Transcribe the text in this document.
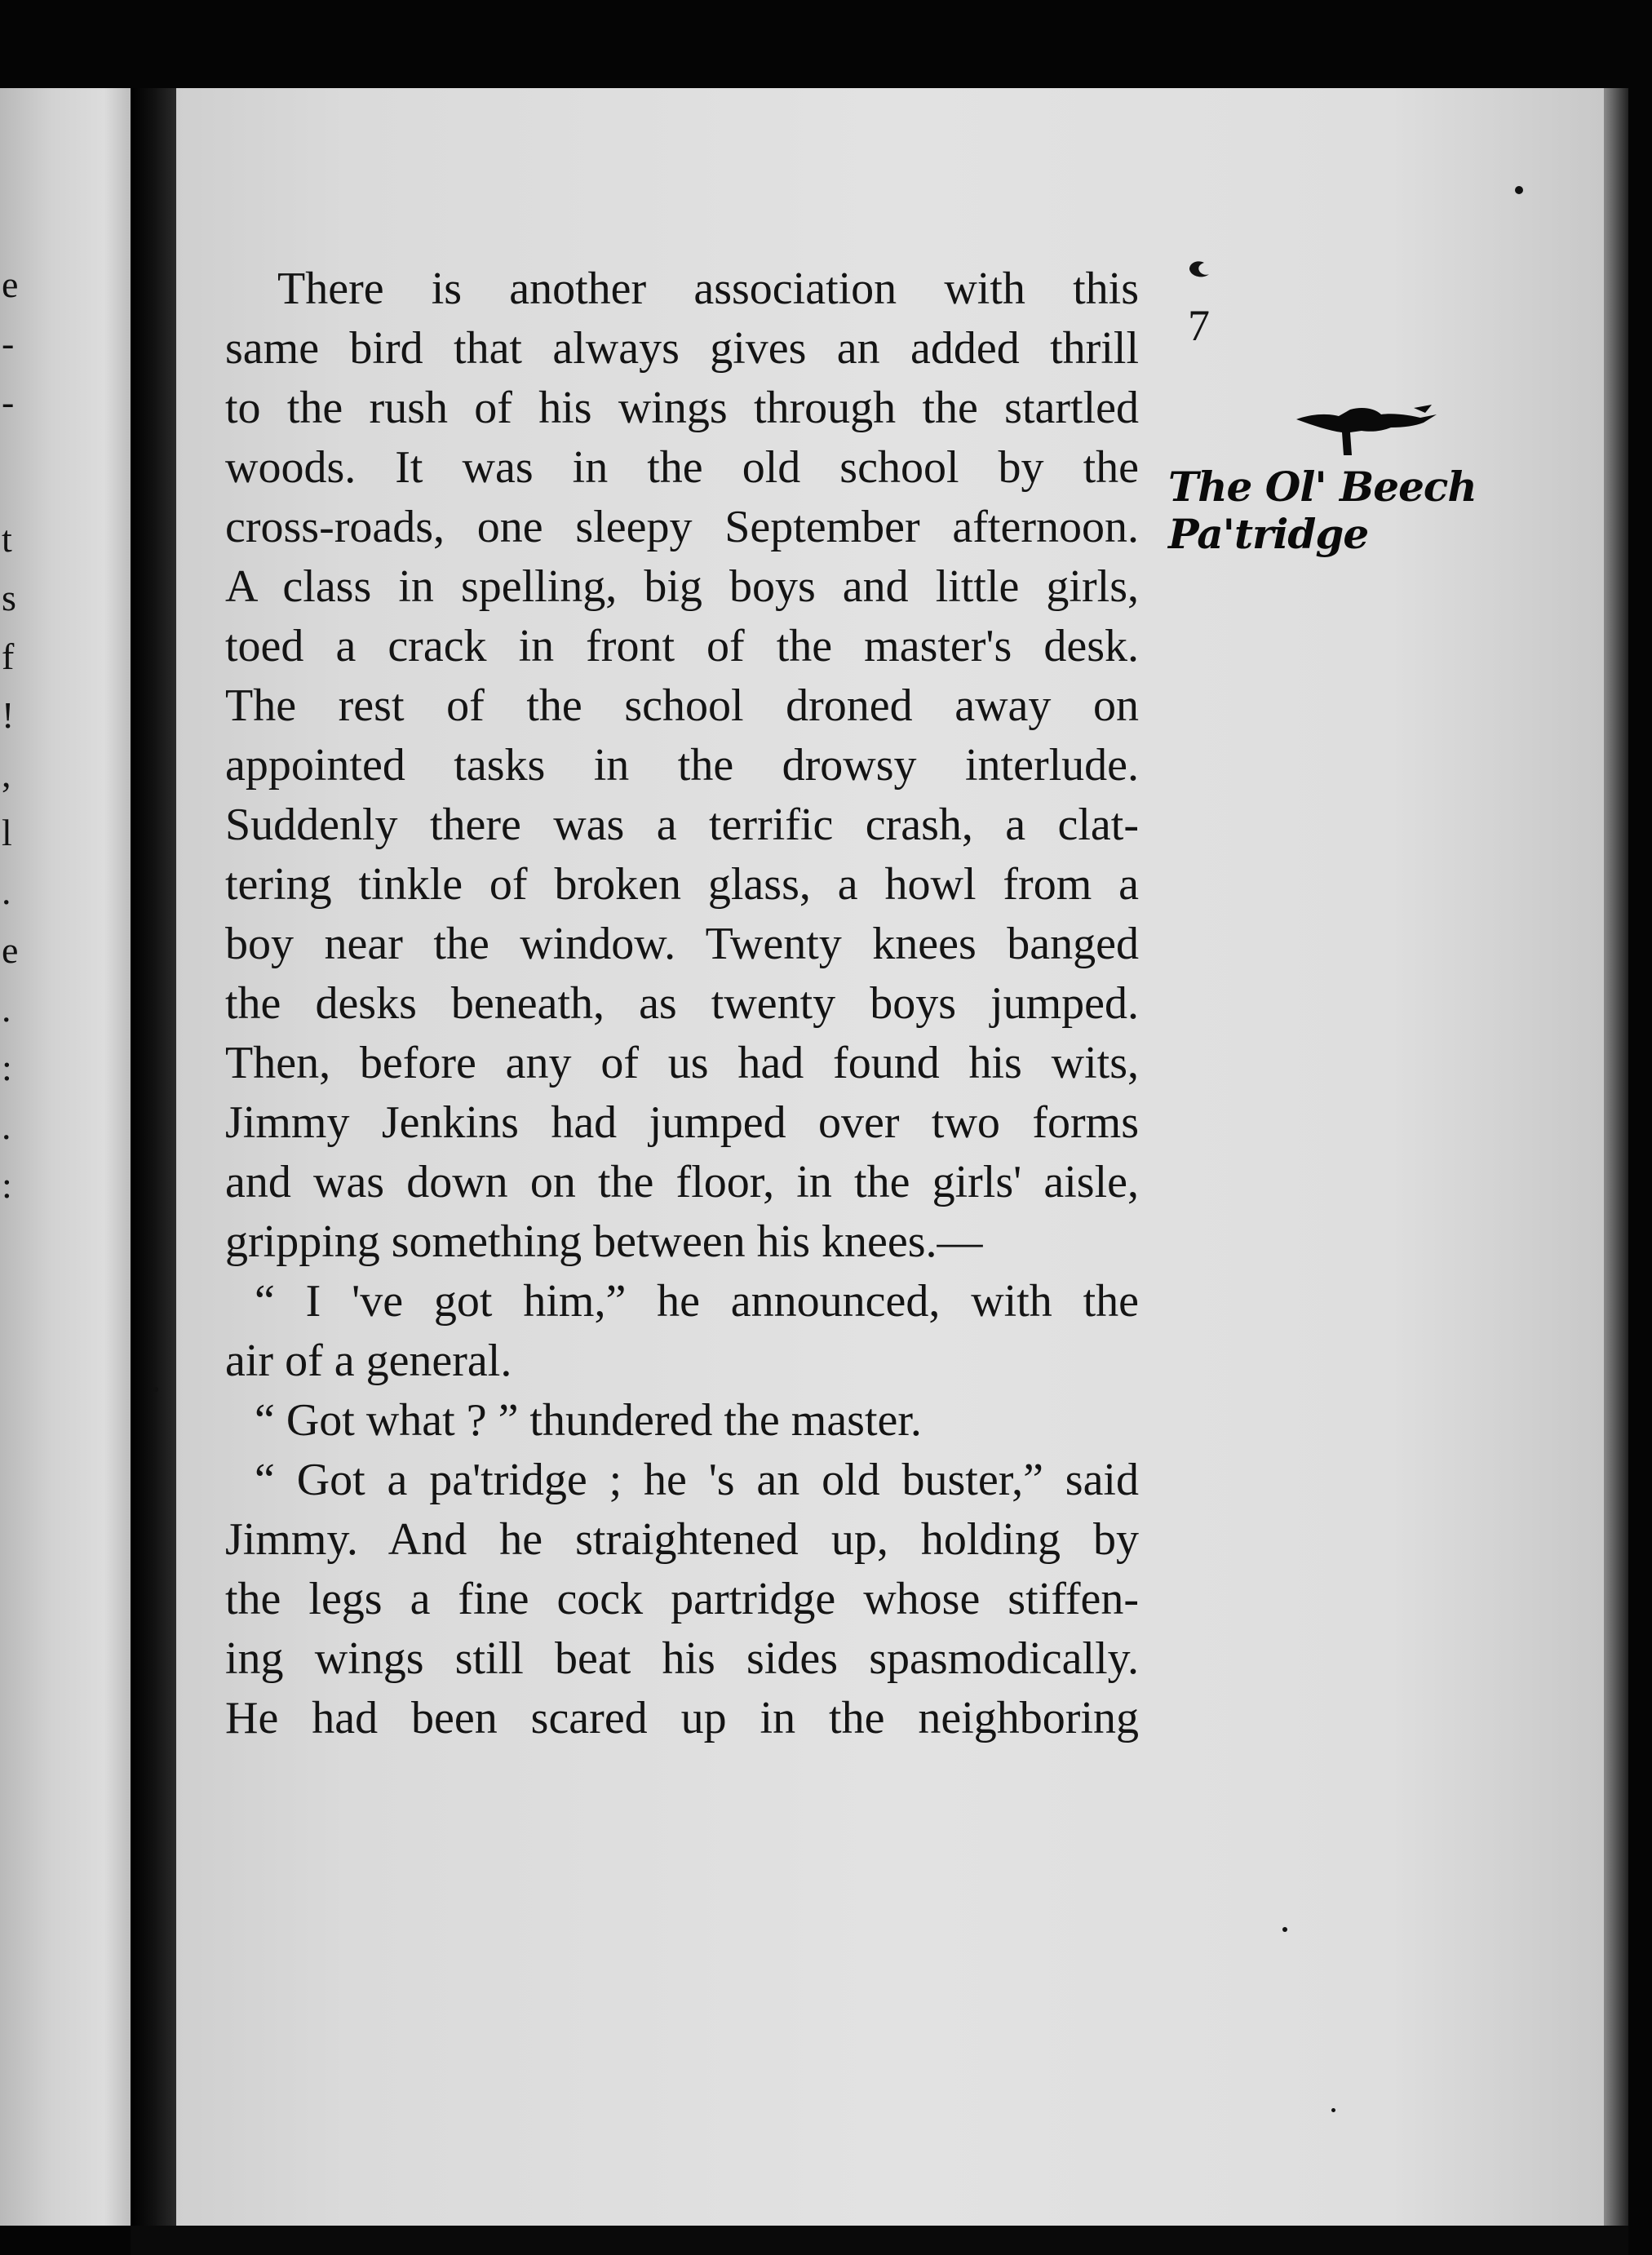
e
-
-
t
s
f
!
,
l
.
e
.
:
.
:
7
The Ol' Beech
Pa'tridge
There is another association with this
same bird that always gives an added thrill
to the rush of his wings through the startled
woods. It was in the old school by the
cross-roads, one sleepy September afternoon.
A class in spelling, big boys and little girls,
toed a crack in front of the master's desk.
The rest of the school droned away on
appointed tasks in the drowsy interlude.
Suddenly there was a terrific crash, a clat-
tering tinkle of broken glass, a howl from a
boy near the window. Twenty knees banged
the desks beneath, as twenty boys jumped.
Then, before any of us had found his wits,
Jimmy Jenkins had jumped over two forms
and was down on the floor, in the girls' aisle,
gripping something between his knees.—
“ I 've got him,” he announced, with the
air of a general.
“ Got what ? ” thundered the master.
“ Got a pa'tridge ; he 's an old buster,” said
Jimmy. And he straightened up, holding by
the legs a fine cock partridge whose stiffen-
ing wings still beat his sides spasmodically.
He had been scared up in the neighboring
